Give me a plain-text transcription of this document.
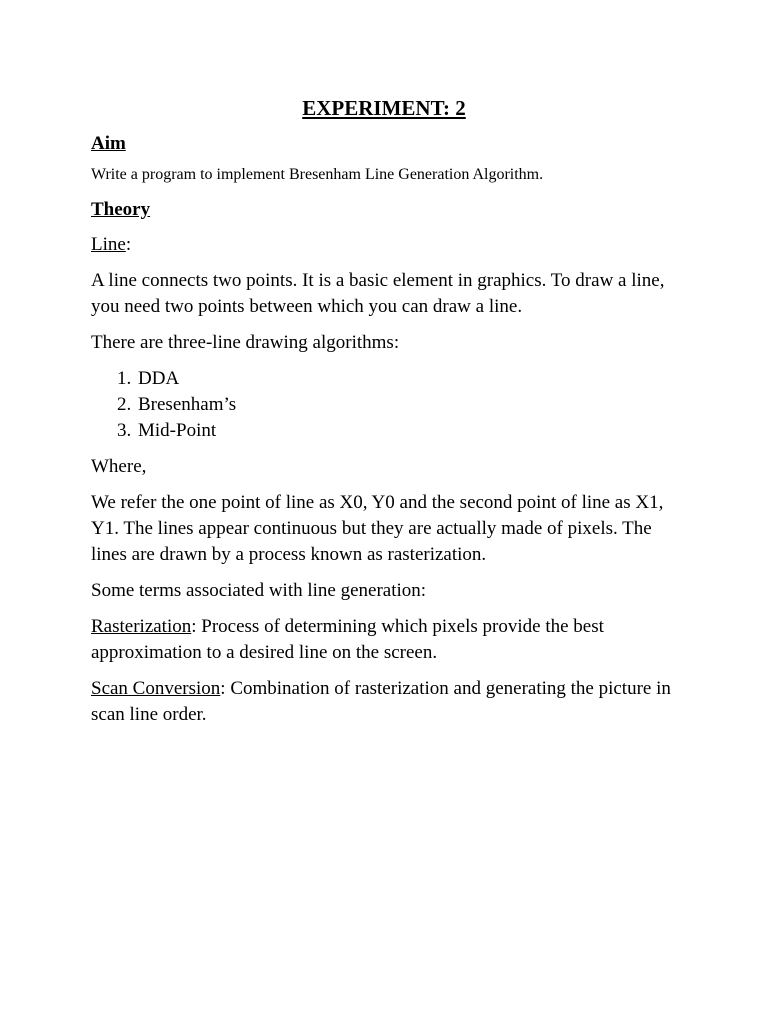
EXPERIMENT: 2
Aim

Write a program to implement Bresenham Line Generation Algorithm.

Theory

Line:

A line connects two points. It is a basic element in graphics. To draw a line, you need two points between which you can draw a line.

There are three-line drawing algorithms:

1. DDA
2. Bresenham’s
3. Mid-Point

Where,

We refer the one point of line as X0, Y0 and the second point of line as X1, Y1. The lines appear continuous but they are actually made of pixels. The lines are drawn by a process known as rasterization.

Some terms associated with line generation:

Rasterization: Process of determining which pixels provide the best approximation to a desired line on the screen.

Scan Conversion: Combination of rasterization and generating the picture in scan line order.
